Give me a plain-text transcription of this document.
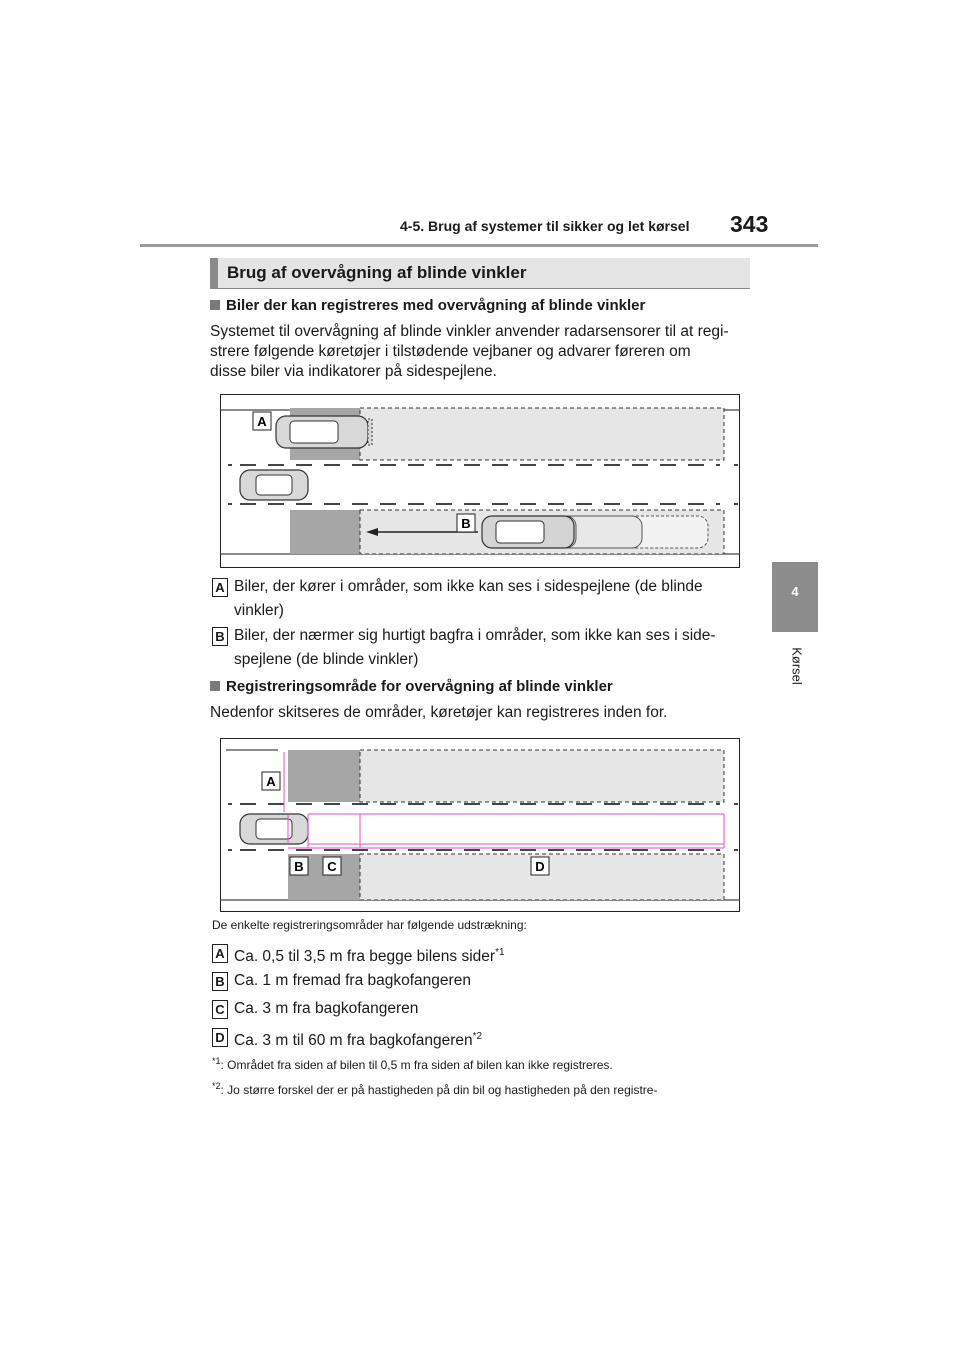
4-5. Brug af systemer til sikker og let kørsel 343
4
Kørsel
Brug af overvågning af blinde vinkler
Biler der kan registreres med overvågning af blinde vinkler
Systemet til overvågning af blinde vinkler anvender radarsensorer til at regi-
strere følgende køretøjer i tilstødende vejbaner og advarer føreren om
disse biler via indikatorer på sidespejlene.
A
B
A Biler, der kører i områder, som ikke kan ses i sidespejlene (de blinde
vinkler)
B Biler, der nærmer sig hurtigt bagfra i områder, som ikke kan ses i side-
spejlene (de blinde vinkler)
Registreringsområde for overvågning af blinde vinkler
Nedenfor skitseres de områder, køretøjer kan registreres inden for.
A
B C	D
De enkelte registreringsområder har følgende udstrækning:
A Ca. 0,5 til 3,5 m fra begge bilens sider$^{*1}$
B Ca. 1 m fremad fra bagkofangeren
C Ca. 3 m fra bagkofangeren
D Ca. 3 m til 60 m fra bagkofangeren$^{*2}$
$^{*1}$: Området fra siden af bilen til 0,5 m fra siden af bilen kan ikke registreres.
$^{*2}$: Jo større forskel der er på hastigheden på din bil og hastigheden på den registre-
